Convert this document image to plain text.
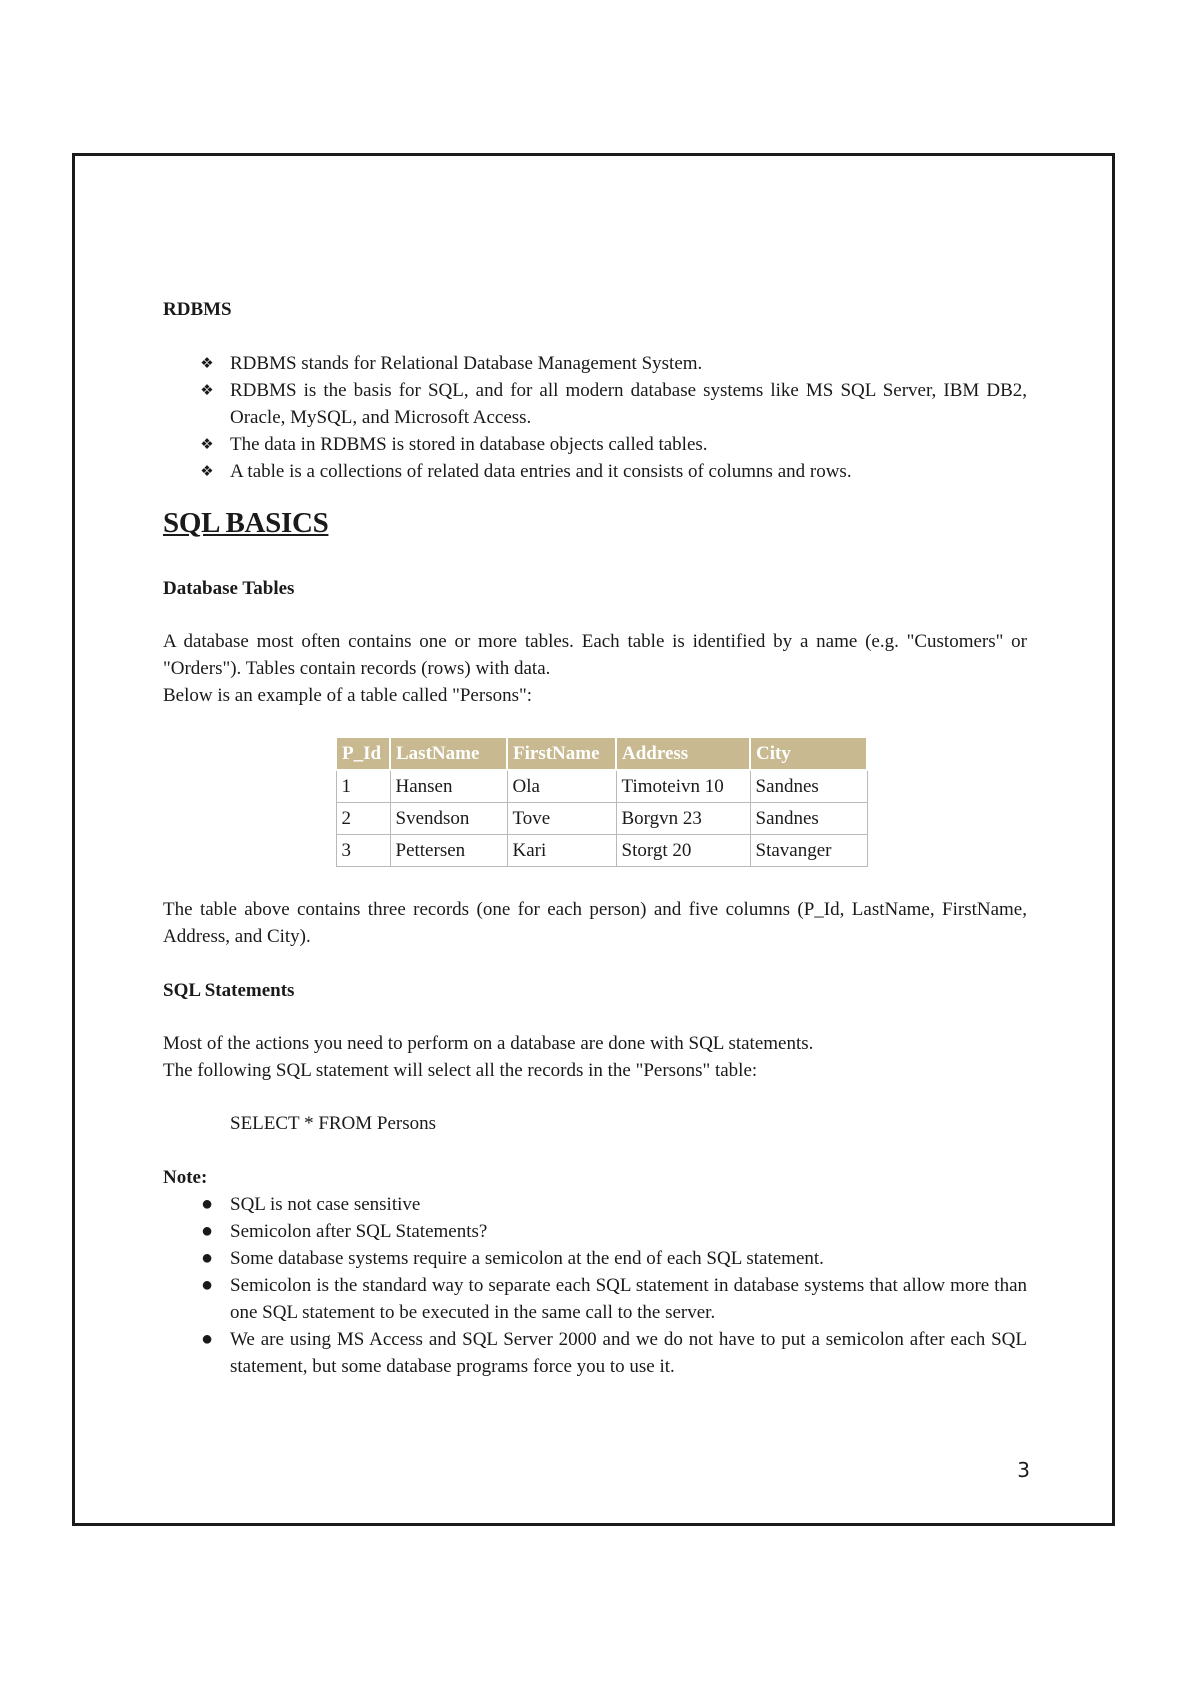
RDBMS
❖ RDBMS stands for Relational Database Management System.
❖ RDBMS is the basis for SQL, and for all modern database systems like MS SQL Server, IBM DB2, Oracle, MySQL, and Microsoft Access.
❖ The data in RDBMS is stored in database objects called tables.
❖ A table is a collections of related data entries and it consists of columns and rows.
SQL BASICS
Database Tables

A database most often contains one or more tables. Each table is identified by a name (e.g. "Customers" or "Orders"). Tables contain records (rows) with data.

Below is an example of a table called "Persons":

The table above contains three records (one for each person) and five columns (P_Id, LastName, FirstName, Address, and City).

SQL Statements

Most of the actions you need to perform on a database are done with SQL statements.

The following SQL statement will select all the records in the "Persons" table:

SELECT * FROM Persons

Note:
● SQL is not case sensitive
● Semicolon after SQL Statements?
● Some database systems require a semicolon at the end of each SQL statement.
● Semicolon is the standard way to separate each SQL statement in database systems that allow more than one SQL statement to be executed in the same call to the server.
● We are using MS Access and SQL Server 2000 and we do not have to put a semicolon after each SQL statement, but some database programs force you to use it.
P_Id	LastName	FirstName	Address	City
1	Hansen	Ola	Timoteivn 10	Sandnes
2	Svendson	Tove	Borgvn 23	Sandnes
3	Pettersen	Kari	Storgt 20	Stavanger
3
